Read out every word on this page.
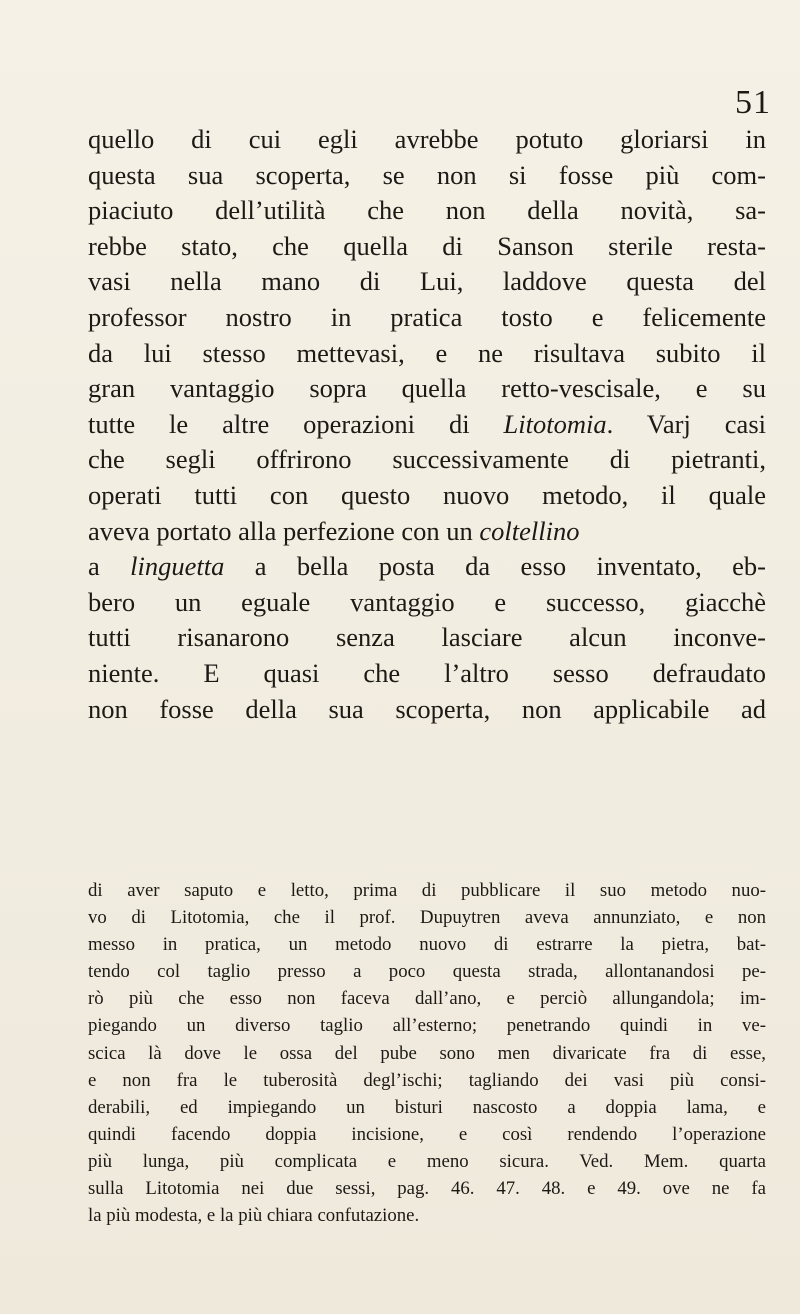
51
quello di cui egli avrebbe potuto gloriarsi in
questa sua scoperta, se non si fosse più com-
piaciuto dell’utilità che non della novità, sa-
rebbe stato, che quella di Sanson sterile resta-
vasi nella mano di Lui, laddove questa del
professor nostro in pratica tosto e felicemente
da lui stesso mettevasi, e ne risultava subito il
gran vantaggio sopra quella retto-vescisale, e su
tutte le altre operazioni di Litotomia. Varj casi
che segli offrirono successivamente di pietranti,
operati tutti con questo nuovo metodo, il quale
aveva portato alla perfezione con un coltellino
a linguetta a bella posta da esso inventato, eb-
bero un eguale vantaggio e successo, giacchè
tutti risanarono senza lasciare alcun inconve-
niente. E quasi che l’altro sesso defraudato
non fosse della sua scoperta, non applicabile ad
di aver saputo e letto, prima di pubblicare il suo metodo nuo-
vo di Litotomia, che il prof. Dupuytren aveva annunziato, e non
messo in pratica, un metodo nuovo di estrarre la pietra, bat-
tendo col taglio presso a poco questa strada, allontanandosi pe-
rò più che esso non faceva dall’ano, e perciò allungandola; im-
piegando un diverso taglio all’esterno; penetrando quindi in ve-
scica là dove le ossa del pube sono men divaricate fra di esse,
e non fra le tuberosità degl’ischi; tagliando dei vasi più consi-
derabili, ed impiegando un bisturi nascosto a doppia lama, e
quindi facendo doppia incisione, e così rendendo l’operazione
più lunga, più complicata e meno sicura. Ved. Mem. quarta
sulla Litotomia nei due sessi, pag. 46. 47. 48. e 49. ove ne fa
la più modesta, e la più chiara confutazione.
